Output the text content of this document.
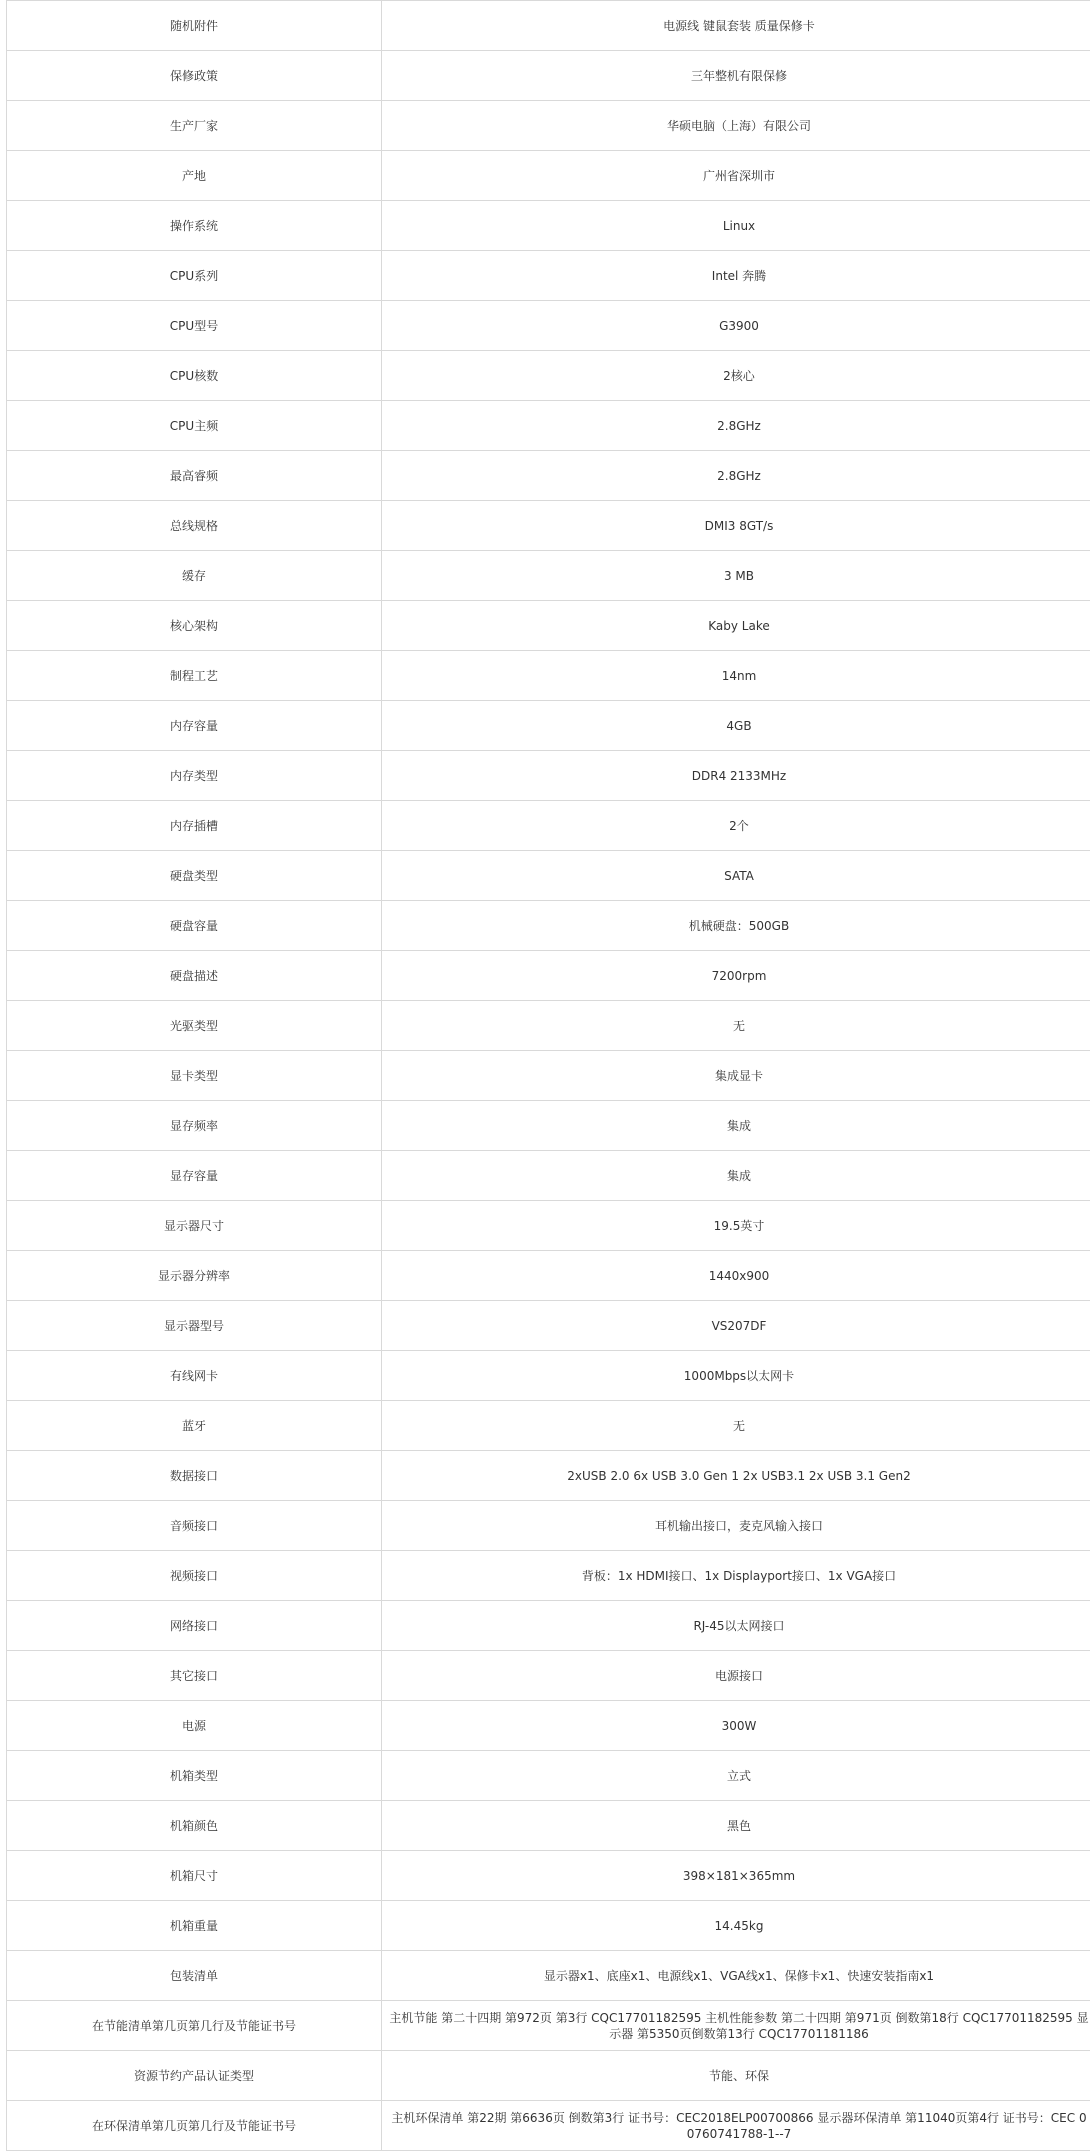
随机附件	电源线 键鼠套装 质量保修卡
保修政策	三年整机有限保修
生产厂家	华硕电脑（上海）有限公司
产地	广州省深圳市
操作系统	Linux
CPU系列	Intel 奔腾
CPU型号	G3900
CPU核数	2核心
CPU主频	2.8GHz
最高睿频	2.8GHz
总线规格	DMI3 8GT/s
缓存	3 MB
核心架构	Kaby Lake
制程工艺	14nm
内存容量	4GB
内存类型	DDR4 2133MHz
内存插槽	2个
硬盘类型	SATA
硬盘容量	机械硬盘：500GB
硬盘描述	7200rpm
光驱类型	无
显卡类型	集成显卡
显存频率	集成
显存容量	集成
显示器尺寸	19.5英寸
显示器分辨率	1440x900
显示器型号	VS207DF
有线网卡	1000Mbps以太网卡
蓝牙	无
数据接口	2xUSB 2.0 6x USB 3.0 Gen 1 2x USB3.1 2x USB 3.1 Gen2
音频接口	耳机输出接口，麦克风输入接口
视频接口	背板：1x HDMI接口、1x Displayport接口、1x VGA接口
网络接口	RJ-45以太网接口
其它接口	电源接口
电源	300W
机箱类型	立式
机箱颜色	黑色
机箱尺寸	398×181×365mm
机箱重量	14.45kg
包装清单	显示器x1、底座x1、电源线x1、VGA线x1、保修卡x1、快速安装指南x1
在节能清单第几页第几行及节能证书号	主机节能 第二十四期 第972页 第3行 CQC17701182595 主机性能参数 第二十四期 第971页 倒数第18行 CQC17701182595 显示器 第5350页倒数第13行 CQC17701181186
资源节约产品认证类型	节能、环保
在环保清单第几页第几行及节能证书号	主机环保清单 第22期 第6636页 倒数第3行 证书号：CEC2018ELP00700866 显示器环保清单 第11040页第4行 证书号：CEC 00760741788-1--7
